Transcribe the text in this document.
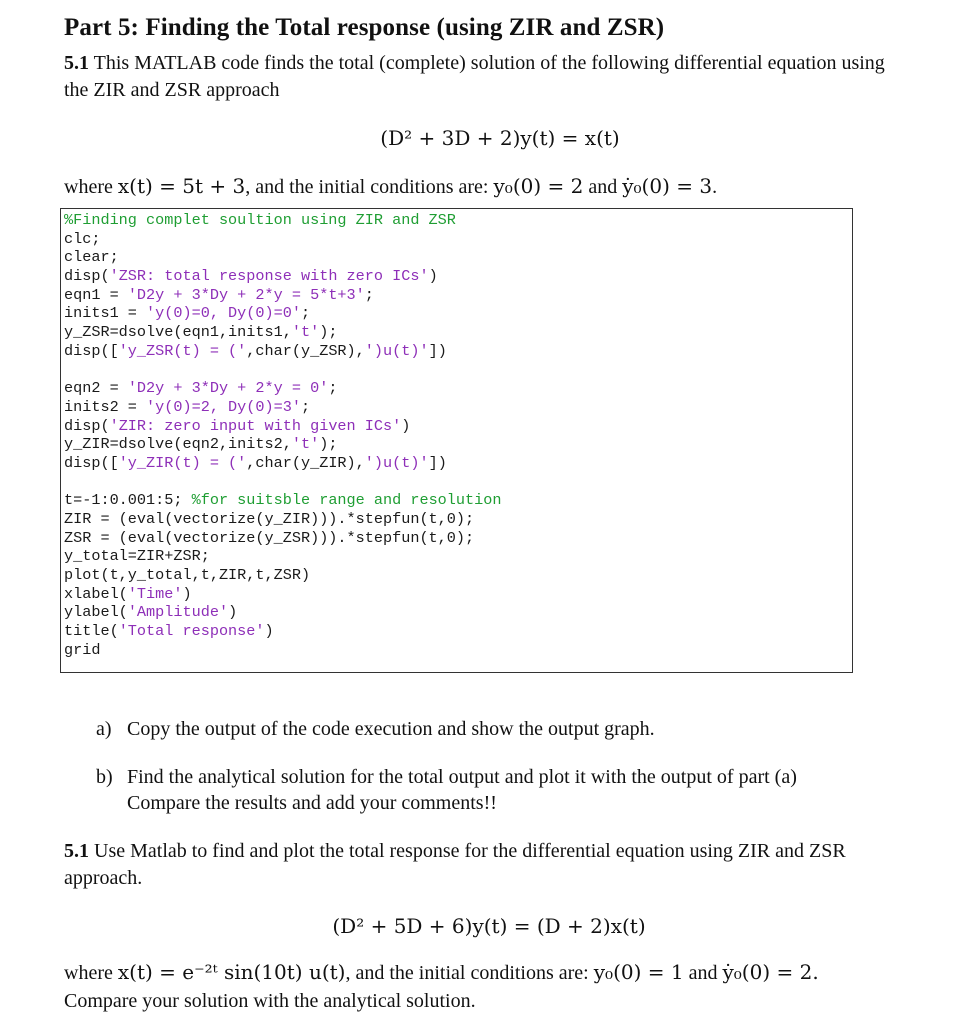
Part 5: Finding the Total response (using ZIR and ZSR)

5.1 This MATLAB code finds the total (complete) solution of the following differential equation using the ZIR and ZSR approach

(D² + 3D + 2)y(t) = x(t)

where x(t) = 5t + 3, and the initial conditions are: y₀(0) = 2 and ẏ₀(0) = 3.

%Finding complet soultion using ZIR and ZSR
clc;
clear;
disp('ZSR: total response with zero ICs')
eqn1 = 'D2y + 3*Dy + 2*y = 5*t+3';
inits1 = 'y(0)=0, Dy(0)=0';
y_ZSR=dsolve(eqn1,inits1,'t');
disp(['y_ZSR(t) = (',char(y_ZSR),')u(t)'])

eqn2 = 'D2y + 3*Dy + 2*y = 0';
inits2 = 'y(0)=2, Dy(0)=3';
disp('ZIR: zero input with given ICs')
y_ZIR=dsolve(eqn2,inits2,'t');
disp(['y_ZIR(t) = (',char(y_ZIR),')u(t)'])

t=-1:0.001:5; %for suitsble range and resolution
ZIR = (eval(vectorize(y_ZIR))).*stepfun(t,0);
ZSR = (eval(vectorize(y_ZSR))).*stepfun(t,0);
y_total=ZIR+ZSR;
plot(t,y_total,t,ZIR,t,ZSR)
xlabel('Time')
ylabel('Amplitude')
title('Total response')
grid
a) Copy the output of the code execution and show the output graph.
b) Find the analytical solution for the total output and plot it with the output of part (a) Compare the results and add your comments!!

5.1 Use Matlab to find and plot the total response for the differential equation using ZIR and ZSR approach.

(D² + 5D + 6)y(t) = (D + 2)x(t)

where x(t) = e⁻²ᵗ sin(10t) u(t), and the initial conditions are: y₀(0) = 1 and ẏ₀(0) = 2.
Compare your solution with the analytical solution.
